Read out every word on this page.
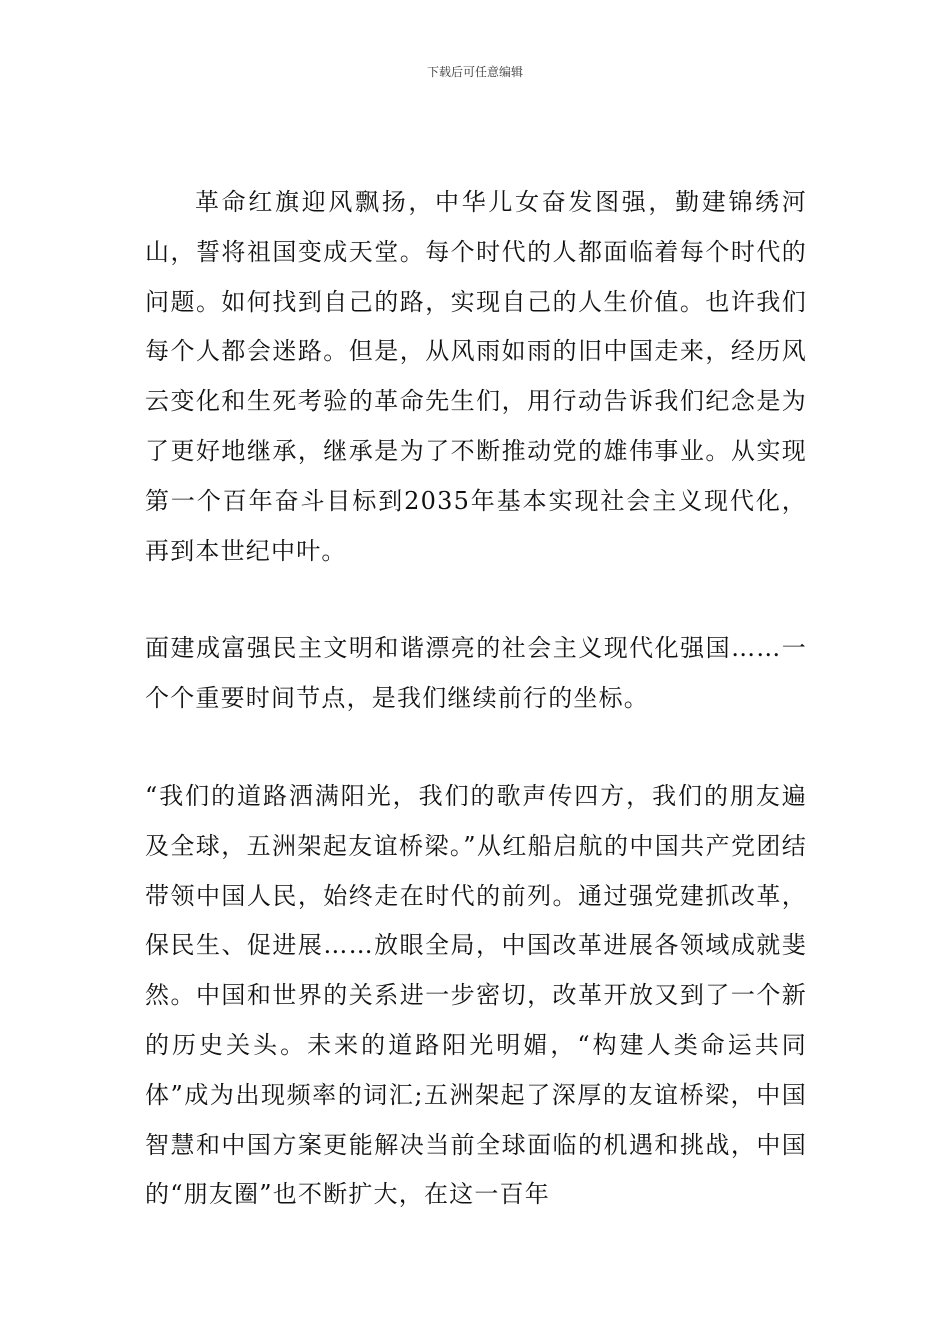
下载后可任意编辑

革命红旗迎风飘扬，中华儿女奋发图强，勤建锦绣河山，誓将祖国变成天堂。每个时代的人都面临着每个时代的问题。如何找到自己的路，实现自己的人生价值。也许我们每个人都会迷路。但是，从风雨如雨的旧中国走来，经历风云变化和生死考验的革命先生们，用行动告诉我们纪念是为了更好地继承，继承是为了不断推动党的雄伟事业。从实现第一个百年奋斗目标到2035年基本实现社会主义现代化，再到本世纪中叶。

面建成富强民主文明和谐漂亮的社会主义现代化强国……一个个重要时间节点，是我们继续前行的坐标。

“我们的道路洒满阳光，我们的歌声传四方，我们的朋友遍及全球，五洲架起友谊桥梁。”从红船启航的中国共产党团结带领中国人民，始终走在时代的前列。通过强党建抓改革，保民生、促进展……放眼全局，中国改革进展各领域成就斐然。中国和世界的关系进一步密切，改革开放又到了一个新的历史关头。未来的道路阳光明媚，“构建人类命运共同体”成为出现频率的词汇;五洲架起了深厚的友谊桥梁，中国智慧和中国方案更能解决当前全球面临的机遇和挑战，中国的“朋友圈”也不断扩大，在这一百年
